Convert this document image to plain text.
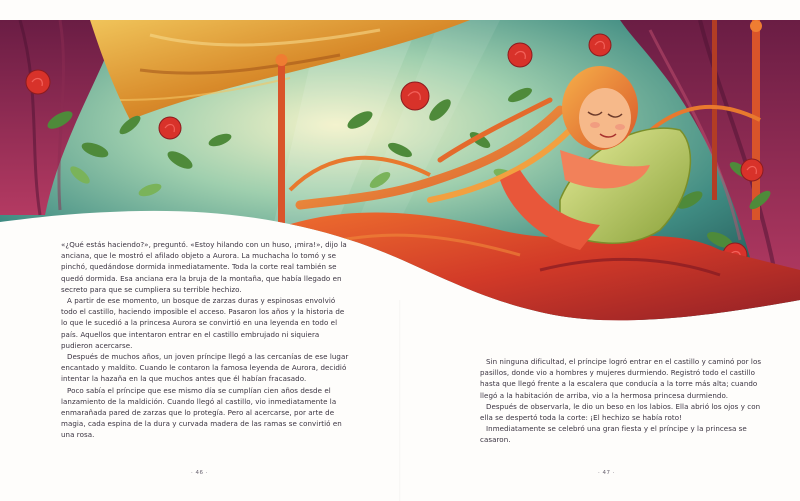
«¿Qué estás haciendo?», preguntó. «Estoy hilando con un huso, ¡mira!», dijo la anciana, que le mostró el afilado objeto a Aurora. La muchacha lo tomó y se pinchó, quedándose dormida inmediatamente. Toda la corte real también se quedó dormida. Esa anciana era la bruja de la montaña, que había llegado en secreto para que se cumpliera su terrible hechizo.

A partir de ese momento, un bosque de zarzas duras y espinosas envolvió todo el castillo, haciendo imposible el acceso. Pasaron los años y la historia de lo que le sucedió a la princesa Aurora se convirtió en una leyenda en todo el país. Aquellos que intentaron entrar en el castillo embrujado ni siquiera pudieron acercarse.

Después de muchos años, un joven príncipe llegó a las cercanías de ese lugar encantado y maldito. Cuando le contaron la famosa leyenda de Aurora, decidió intentar la hazaña en la que muchos antes que él habían fracasado.

Poco sabía el príncipe que ese mismo día se cumplían cien años desde el lanzamiento de la maldición. Cuando llegó al castillo, vio inmediatamente la enmarañada pared de zarzas que lo protegía. Pero al acercarse, por arte de magia, cada espina de la dura y curvada madera de las ramas se convirtió en una rosa.

Sin ninguna dificultad, el príncipe logró entrar en el castillo y caminó por los pasillos, donde vio a hombres y mujeres durmiendo. Registró todo el castillo hasta que llegó frente a la escalera que conducía a la torre más alta; cuando llegó a la habitación de arriba, vio a la hermosa princesa durmiendo.

Después de observarla, le dio un beso en los labios. Ella abrió los ojos y con ella se despertó toda la corte: ¡El hechizo se había roto!

Inmediatamente se celebró una gran fiesta y el príncipe y la princesa se casaron.

· 46 ·	· 47 ·
